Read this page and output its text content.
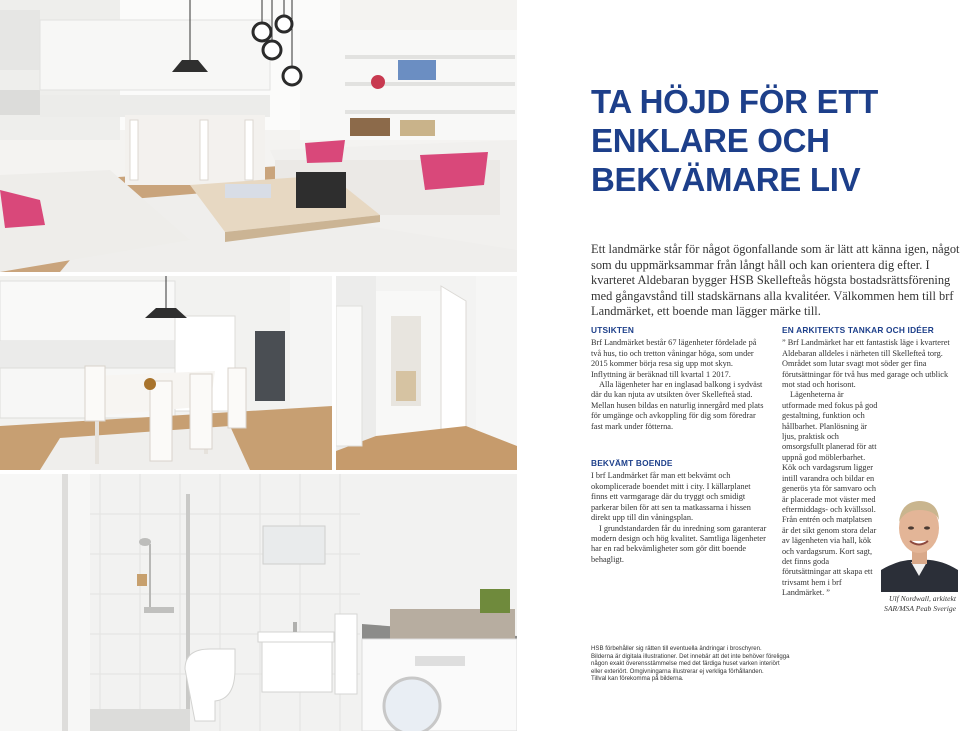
TA HÖJD FÖR ETT
ENKLARE OCH
BEKVÄMARE LIV

Ett landmärke står för något ögonfallande som är lätt att känna igen, något som du uppmärksammar från långt håll och kan orientera dig efter. I kvarteret Aldebaran bygger HSB Skellefteås högsta bostadsrättsförening med gångavstånd till stadskärnans alla kvalitéer. Välkommen hem till brf Landmärket, ett boende man lägger märke till.

UTSIKTEN

Brf Landmärket består 67 lägenheter fördelade på två hus, tio och tretton våningar höga, som under 2015 kommer börja resa sig upp mot skyn. Inflyttning är beräknad till kvartal 1 2017.

Alla lägenheter har en inglasad balkong i sydväst där du kan njuta av utsikten över Skellefteå stad. Mellan husen bildas en naturlig innergård med plats för umgänge och avkoppling för dig som föredrar fast mark under fötterna.

BEKVÄMT BOENDE

I brf Landmärket får man ett bekvämt och okomplicerade boendet mitt i city. I källarplanet finns ett varmgarage där du tryggt och smidigt parkerar bilen för att sen ta matkassarna i hissen direkt upp till din våningsplan.

I grundstandarden får du inredning som garanterar modern design och hög kvalitet. Samtliga lägenheter har en rad bekvämligheter som gör ditt boende behagligt.

EN ARKITEKTS TANKAR OCH IDÉER

” Brf Landmärket har ett fantastisk läge i kvarteret Aldebaran alldeles i närheten till Skellefteå torg. Området som lutar svagt mot söder ger fina förutsättningar för två hus med garage och utblick mot stad och horisont.

Lägenheterna är utformade med fokus på god gestaltning, funktion och hållbarhet. Planlösning är ljus, praktisk och omsorgsfullt planerad för att uppnå god möblerbarhet. Kök och vardagsrum ligger intill varandra och bildar en generös yta för samvaro och är placerade mot väster med eftermiddags- och kvällssol. Från entrén och matplatsen är det sikt genom stora delar av lägenheten via hall, kök och vardagsrum. Kort sagt, det finns goda förutsättningar att skapa ett trivsamt hem i brf Landmärket. ”

Ulf Nordwall, arkitekt
SAR/MSA Peab Sverige
HSB förbehåller sig rätten till eventuella ändringar i broschyren.
Bilderna är digitala illustrationer. Det innebär att det inte behöver föreligga
någon exakt överensstämmelse med det färdiga huset varken interiört
eller exteriört. Omgivningarna illustrerar ej verkliga förhållanden.
Tillval kan förekomma på bilderna.
